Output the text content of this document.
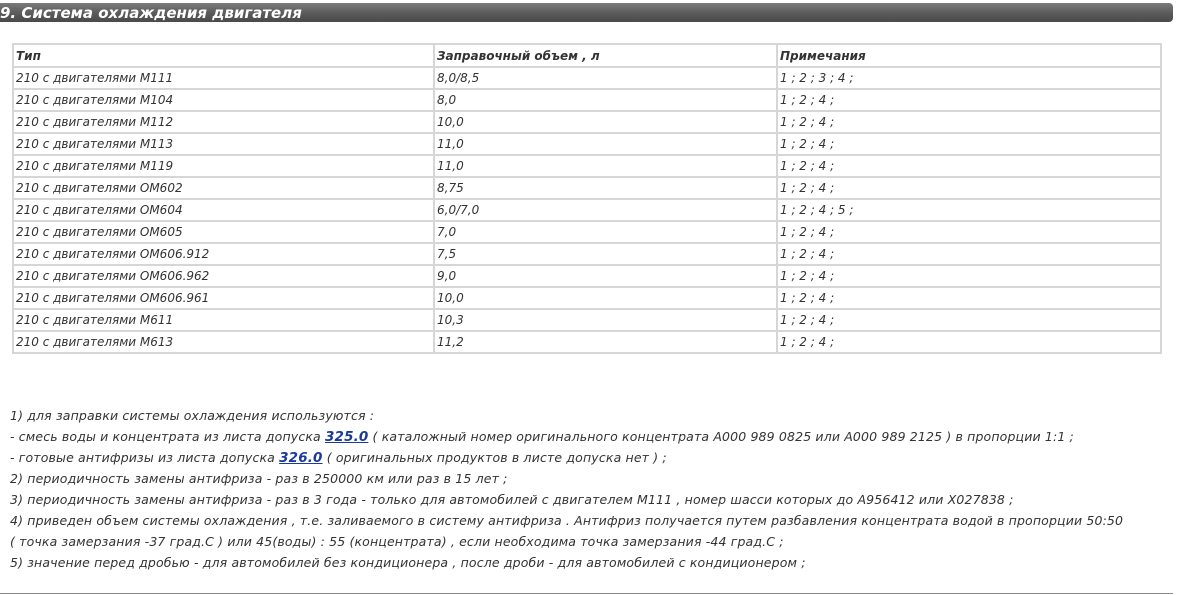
9. Система охлаждения двигателя
Тип	Заправочный объем , л	Примечания
210 с двигателями М111	8,0/8,5	1 ; 2 ; 3 ; 4 ;
210 с двигателями М104	8,0	1 ; 2 ; 4 ;
210 с двигателями М112	10,0	1 ; 2 ; 4 ;
210 с двигателями М113	11,0	1 ; 2 ; 4 ;
210 с двигателями М119	11,0	1 ; 2 ; 4 ;
210 с двигателями ОМ602	8,75	1 ; 2 ; 4 ;
210 с двигателями ОМ604	6,0/7,0	1 ; 2 ; 4 ; 5 ;
210 с двигателями ОМ605	7,0	1 ; 2 ; 4 ;
210 с двигателями ОМ606.912	7,5	1 ; 2 ; 4 ;
210 с двигателями ОМ606.962	9,0	1 ; 2 ; 4 ;
210 с двигателями ОМ606.961	10,0	1 ; 2 ; 4 ;
210 с двигателями М611	10,3	1 ; 2 ; 4 ;
210 с двигателями М613	11,2	1 ; 2 ; 4 ;
1) для заправки системы охлаждения используются :
- смесь воды и концентрата из листа допуска 325.0 ( каталожный номер оригинального концентрата А000 989 0825 или А000 989 2125 ) в пропорции 1:1 ;
- готовые антифризы из листа допуска 326.0 ( оригинальных продуктов в листе допуска нет ) ;
2) периодичность замены антифриза - раз в 250000 км или раз в 15 лет ;
3) периодичность замены антифриза - раз в 3 года - только для автомобилей с двигателем М111 , номер шасси которых до А956412 или Х027838 ;
4) приведен объем системы охлаждения , т.е. заливаемого в систему антифриза . Антифриз получается путем разбавления концентрата водой в пропорции 50:50
( точка замерзания -37 град.С ) или 45(воды) : 55 (концентрата) , если необходима точка замерзания -44 град.С ;
5) значение перед дробью - для автомобилей без кондиционера , после дроби - для автомобилей с кондиционером ;
